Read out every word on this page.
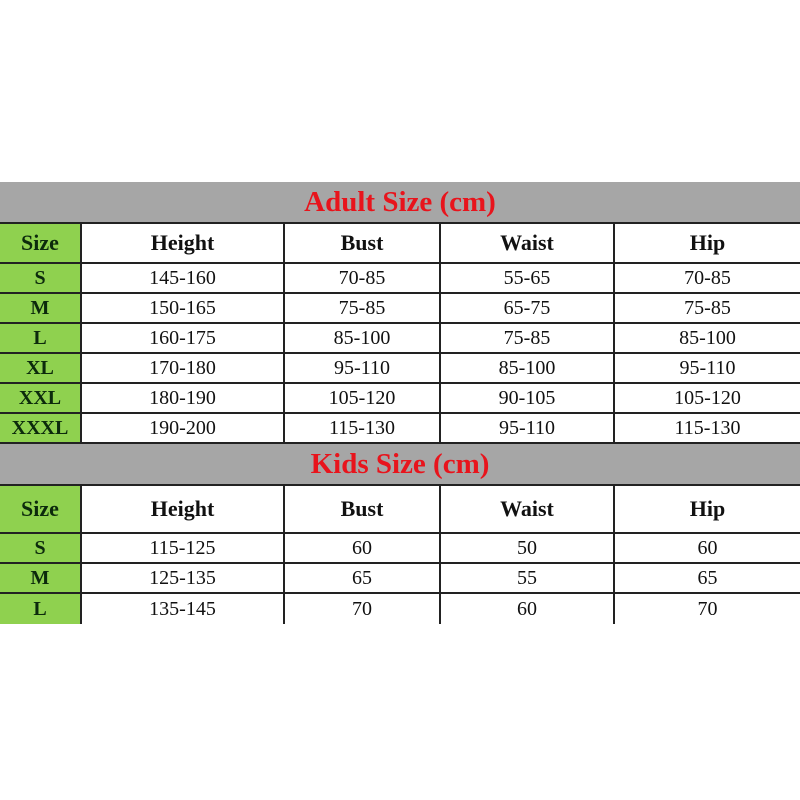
Adult Size (cm)
Size	Height	Bust	Waist	Hip
S	145-160	70-85	55-65	70-85
M	150-165	75-85	65-75	75-85
L	160-175	85-100	75-85	85-100
XL	170-180	95-110	85-100	95-110
XXL	180-190	105-120	90-105	105-120
XXXL	190-200	115-130	95-110	115-130
Kids Size (cm)
Size	Height	Bust	Waist	Hip
S	115-125	60	50	60
M	125-135	65	55	65
L	135-145	70	60	70
